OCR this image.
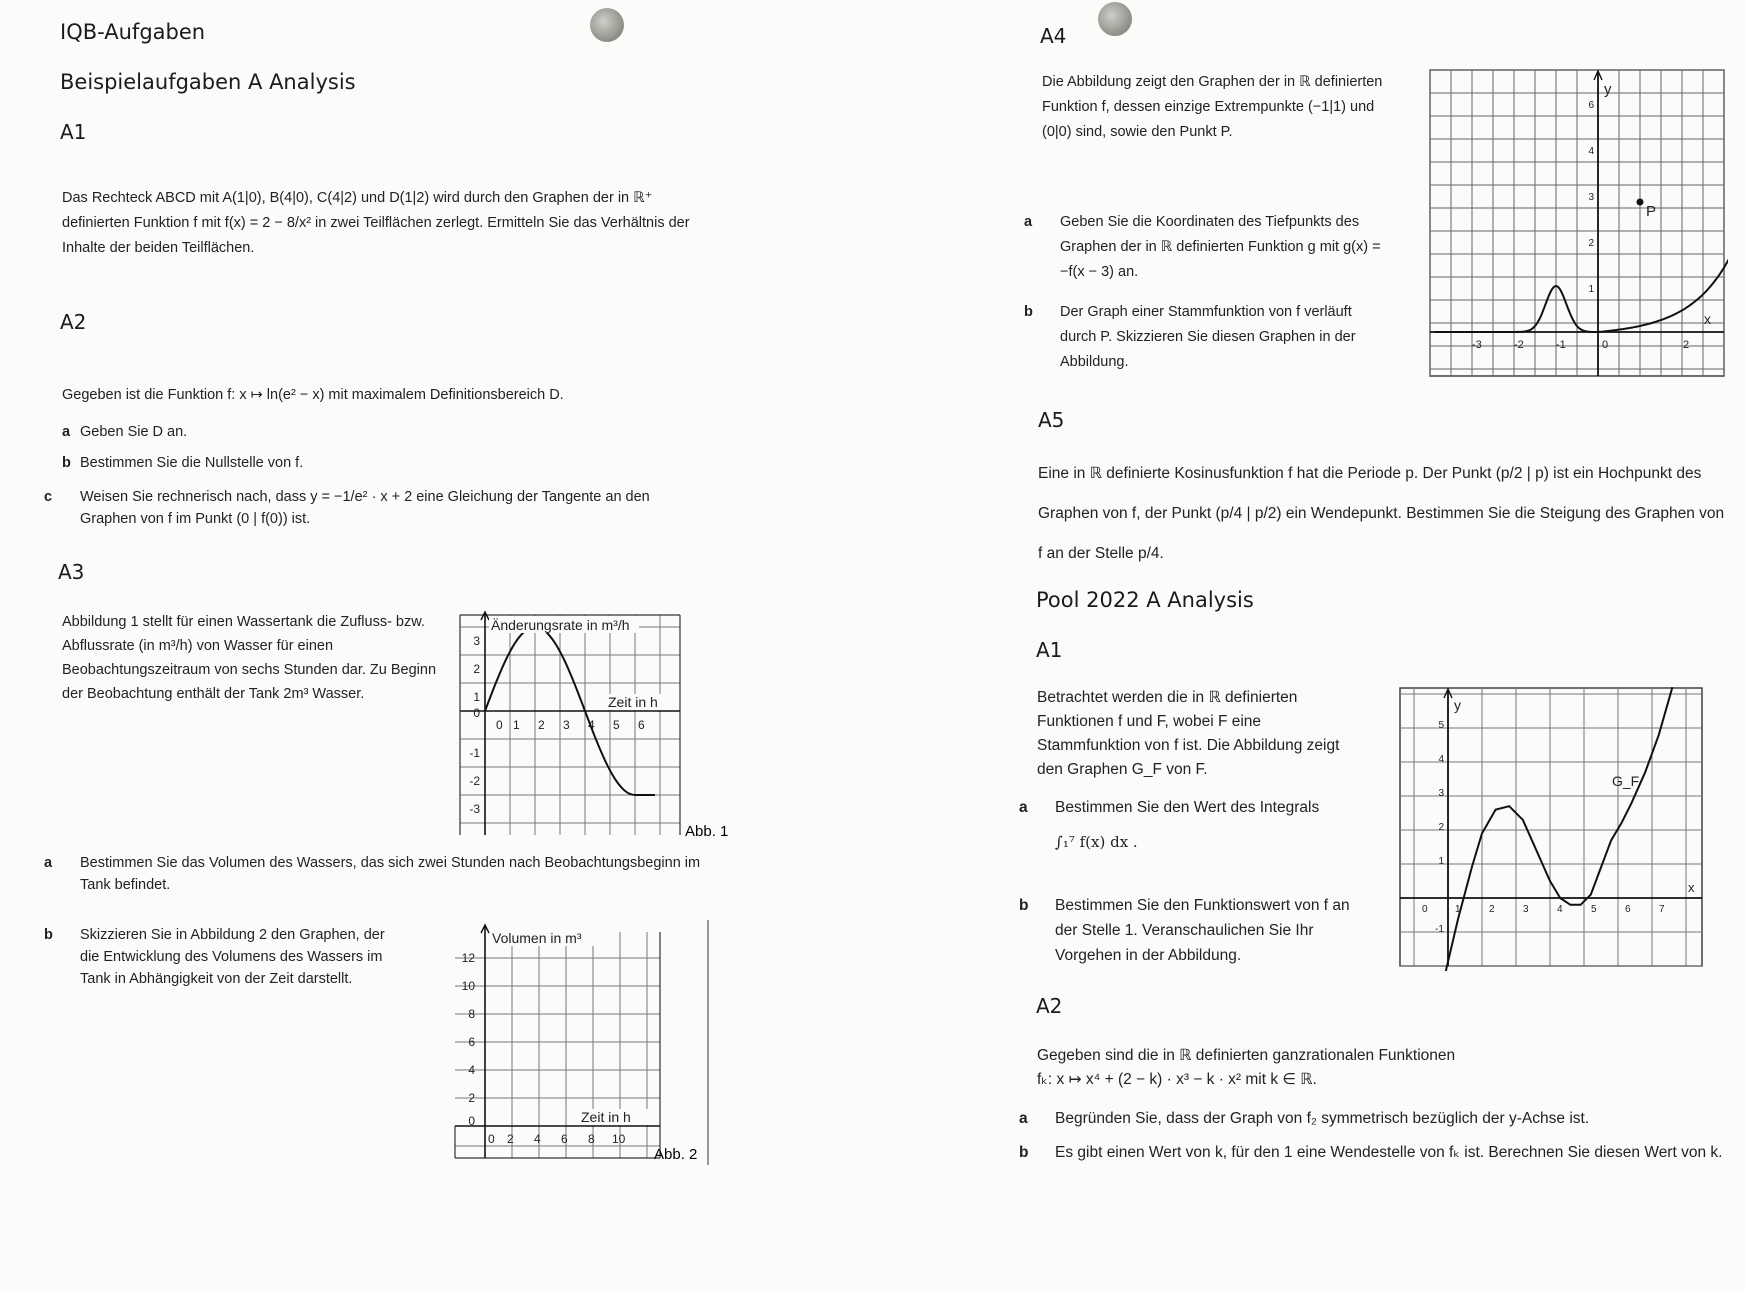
IQB-Aufgaben
Beispielaufgaben A Analysis
A1
Das Rechteck ABCD mit A(1|0), B(4|0), C(4|2) und D(1|2) wird durch den Graphen der in ℝ⁺ definierten Funktion f mit f(x) = 2 − 8/x² in zwei Teilflächen zerlegt. Ermitteln Sie das Verhältnis der Inhalte der beiden Teilflächen.
A2
Gegeben ist die Funktion f: x ↦ ln(e² − x) mit maximalem Definitionsbereich D.
a Geben Sie D an.
b Bestimmen Sie die Nullstelle von f.
c Weisen Sie rechnerisch nach, dass y = −1/e² · x + 2 eine Gleichung der Tangente an den Graphen von f im Punkt (0 | f(0)) ist.
A3
Abbildung 1 stellt für einen Wassertank die Zufluss- bzw. Abflussrate (in m³/h) von Wasser für einen Beobachtungszeitraum von sechs Stunden dar. Zu Beginn der Beobachtung enthält der Tank 2m³ Wasser.
Änderungsrate in m³/h
Zeit in h
0 1 2 3 4 5 6
3
2
1
0
-1
-2
-3
Abb. 1
a Bestimmen Sie das Volumen des Wassers, das sich zwei Stunden nach Beobachtungsbeginn im Tank befindet.
b Skizzieren Sie in Abbildung 2 den Graphen, der die Entwicklung des Volumens des Wassers im Tank in Abhängigkeit von der Zeit darstellt.
Volumen in m³
Zeit in h
0 2 4 6 8 10
12
10
8
6
4
2
0
Abb. 2
A4
Die Abbildung zeigt den Graphen der in ℝ definierten Funktion f, dessen einzige Extrempunkte (−1|1) und (0|0) sind, sowie den Punkt P.
a Geben Sie die Koordinaten des Tiefpunkts des Graphen der in ℝ definierten Funktion g mit g(x) = −f(x − 3) an.
b Der Graph einer Stammfunktion von f verläuft durch P. Skizzieren Sie diesen Graphen in der Abbildung.
P
y
x
-3	-2	-1	0	2
6
4
3
2
1
A5
Eine in ℝ definierte Kosinusfunktion f hat die Periode p. Der Punkt (p/2 | p) ist ein Hochpunkt des Graphen von f, der Punkt (p/4 | p/2) ein Wendepunkt. Bestimmen Sie die Steigung des Graphen von f an der Stelle p/4.
Pool 2022 A Analysis
A1
Betrachtet werden die in ℝ definierten Funktionen f und F, wobei F eine Stammfunktion von f ist. Die Abbildung zeigt den Graphen G_F von F.
a Bestimmen Sie den Wert des Integrals
∫₁⁷ f(x) dx .
b Bestimmen Sie den Funktionswert von f an der Stelle 1. Veranschaulichen Sie Ihr Vorgehen in der Abbildung.
G_F
y
x
0	1	2	3	4	5	6	7
5
4
3
2
1
-1
A2
Gegeben sind die in ℝ definierten ganzrationalen Funktionen
fₖ: x ↦ x⁴ + (2 − k) · x³ − k · x² mit k ∈ ℝ.
a Begründen Sie, dass der Graph von f₂ symmetrisch bezüglich der y-Achse ist.
b Es gibt einen Wert von k, für den 1 eine Wendestelle von fₖ ist. Berechnen Sie diesen Wert von k.
